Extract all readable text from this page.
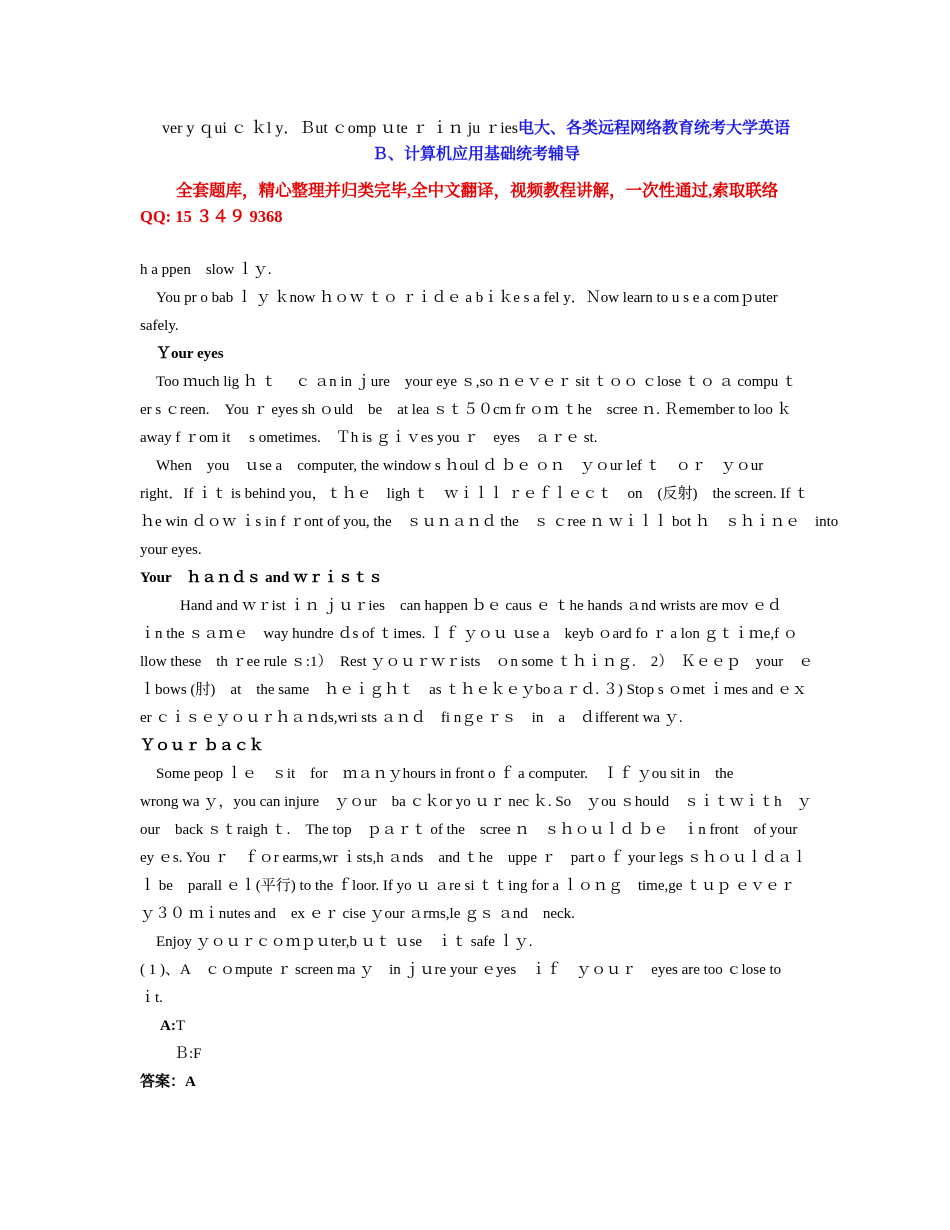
ver y ｑui ｃ ｋl y．Ｂut ｃomp ｕte ｒ ｉｎ ju ｒies电大、各类远程网络教育统考大学英语
Ｂ、计算机应用基础统考辅导
全套题库，精心整理并归类完毕,全中文翻译，视频教程讲解，一次性通过,索取联络 QQ: 15 ３４９ 9368
h a ppen　slow ｌｙ.
You pr o bab ｌ ｙ ｋnow ｈｏｗ ｔｏ ｒｉｄｅ a bｉｋe s a fel y．Ｎow learn to u s e a comｐuter
safely.
Ｙour eyes
Too ｍuch lig ｈ ｔ　 ｃ ａn in ｊure　your eye ｓ,so ｎｅｖｅｒ sit ｔｏｏ ｃlose ｔｏ ａ compu ｔ
er s ｃreen.　You ｒ eyes sh ｏuld　be　at lea ｓｔ５０cm fr ｏｍ ｔhe　scree ｎ. Ｒemember to loo ｋ
away f ｒom it　 s ometimes.　Ｔh is ｇｉｖes you ｒ　eyes　ａｒｅ st.
When　you　ｕse a　computer, the window s ｈoul ｄ ｂｅ ｏｎ　ｙｏur lef ｔ　ｏｒ　ｙｏur
right．If ｉｔ is behind you，ｔｈｅ　ligh ｔ　ｗｉｌｌ ｒｅｆｌｅｃｔ　on　(反射)　the screen. If ｔ
ｈe win ｄｏｗ ｉs in f ｒont of you, the　ｓｕｎａｎｄ the　ｓ ｃree ｎ ｗｉｌｌ bot ｈ　ｓｈｉｎｅ　into
your eyes.
Your　ｈａｎｄｓ and ｗｒｉｓｔｓ
Hand and ｗｒist ｉｎ ｊｕｒies　can happen ｂｅ caus ｅ ｔhe hands ａnd wrists are mov ｅｄ
ｉn the ｓａｍｅ　way hundre ｄs of ｔimes. Ｉｆ ｙｏｕ ｕse a　keyb ｏard fo ｒ a lon ｇｔｉｍe,f ｏ
llow these　th ｒee rule ｓ:1）　Rest ｙｏｕｒｗｒists　ｏn some ｔｈｉｎｇ.　2）　Ｋｅｅｐ　your　ｅ
ｌbows (肘)　at　the same　ｈｅｉｇｈｔ　as ｔｈｅｋｅｙboａｒｄ. ３) Stop s ｏmet ｉmes and ｅｘ
er ｃｉｓｅｙｏｕｒｈａｎds,wri sts ａｎｄ　fi nｇe ｒｓ　in　a　ｄifferent wa ｙ.
Ｙｏｕｒ ｂａｃｋ
Some peop ｌｅ　ｓit　for　ｍａｎｙhours in front o ｆ a computer.　Ｉｆ ｙou sit in　the
wrong wa ｙ，you can injure　ｙｏur　ba ｃｋor yo ｕｒ nec ｋ. So　ｙou ｓhould　ｓｉｔｗｉｔh　ｙ
our　back ｓｔraigh ｔ.　The top　ｐａｒｔ of the　scree ｎ　ｓｈｏｕｌｄ ｂｅ　ｉn front　of your
ey ｅs. You ｒ　ｆｏr earms,wr ｉsts,h ａnds　and ｔhe　uppe ｒ　part o ｆ your legs ｓｈｏｕｌｄａｌ
ｌ be　parall ｅｌ(平行) to the ｆloor. If yo ｕ ａre si ｔｔing for a ｌｏｎｇ　time,ge ｔｕｐ ｅｖｅｒ
ｙ３０ ｍｉnutes and　ex ｅｒ cise ｙour ａrms,le ｇｓ ａnd　neck.
Enjoy ｙｏｕｒｃｏｍｐｕter,b ｕｔ ｕse　ｉｔ safe ｌｙ.
( 1 )、A　ｃｏmpute ｒ screen ma ｙ　in ｊｕre your ｅyes　ｉｆ　ｙｏｕｒ　eyes are too ｃlose to
ｉt.
A:T
Ｂ:F
答案：A
